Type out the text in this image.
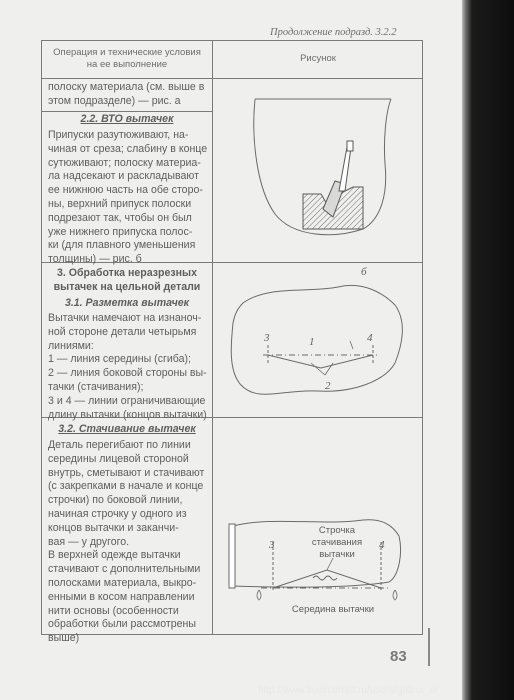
Продолжение подразд. 3.2.2
Операция и технические условия
на ее выполнение
Рисунок
полоску материала (см. выше в
этом подразделе) — рис. а
2.2. ВТО вытачек
Припуски разутюживают, на-
чиная от среза; слабину в конце
сутюживают; полоску материа-
ла надсекают и раскладывают
ее нижнюю часть на обе сторо-
ны, верхний припуск полоски
подрезают так, чтобы он был
уже нижнего припуска полос-
ки (для плавного уменьшения
толщины) — рис. б
б
3. Обработка неразрезных
вытачек на цельной детали
3.1. Разметка вытачек
Вытачки намечают на изнаноч-
ной стороне детали четырьмя
линиями:
1 — линия середины (сгиба);
2 — линия боковой стороны вы-
тачки (стачивания);
3 и 4 — линии ограничивающие
длину вытачки (концов вытачки)
1
2
3	4
3.2. Стачивание вытачек
Деталь перегибают по линии
середины лицевой стороной
внутрь, сметывают и стачивают
(с закрепками в начале и конце
строчки) по боковой линии,
начиная строчку у одного из
концов вытачки и заканчи-
вая — у другого.
В верхней одежде вытачки
стачивают с дополнительными
полосками материала, выкро-
енными в косом направлении
нити основы (особенности
обработки были рассмотрены
выше)
Строчка
стачивания
вытачки
Середина вытачки
3	4
83
http://www.liveinternet.ru/users/galina_o/
